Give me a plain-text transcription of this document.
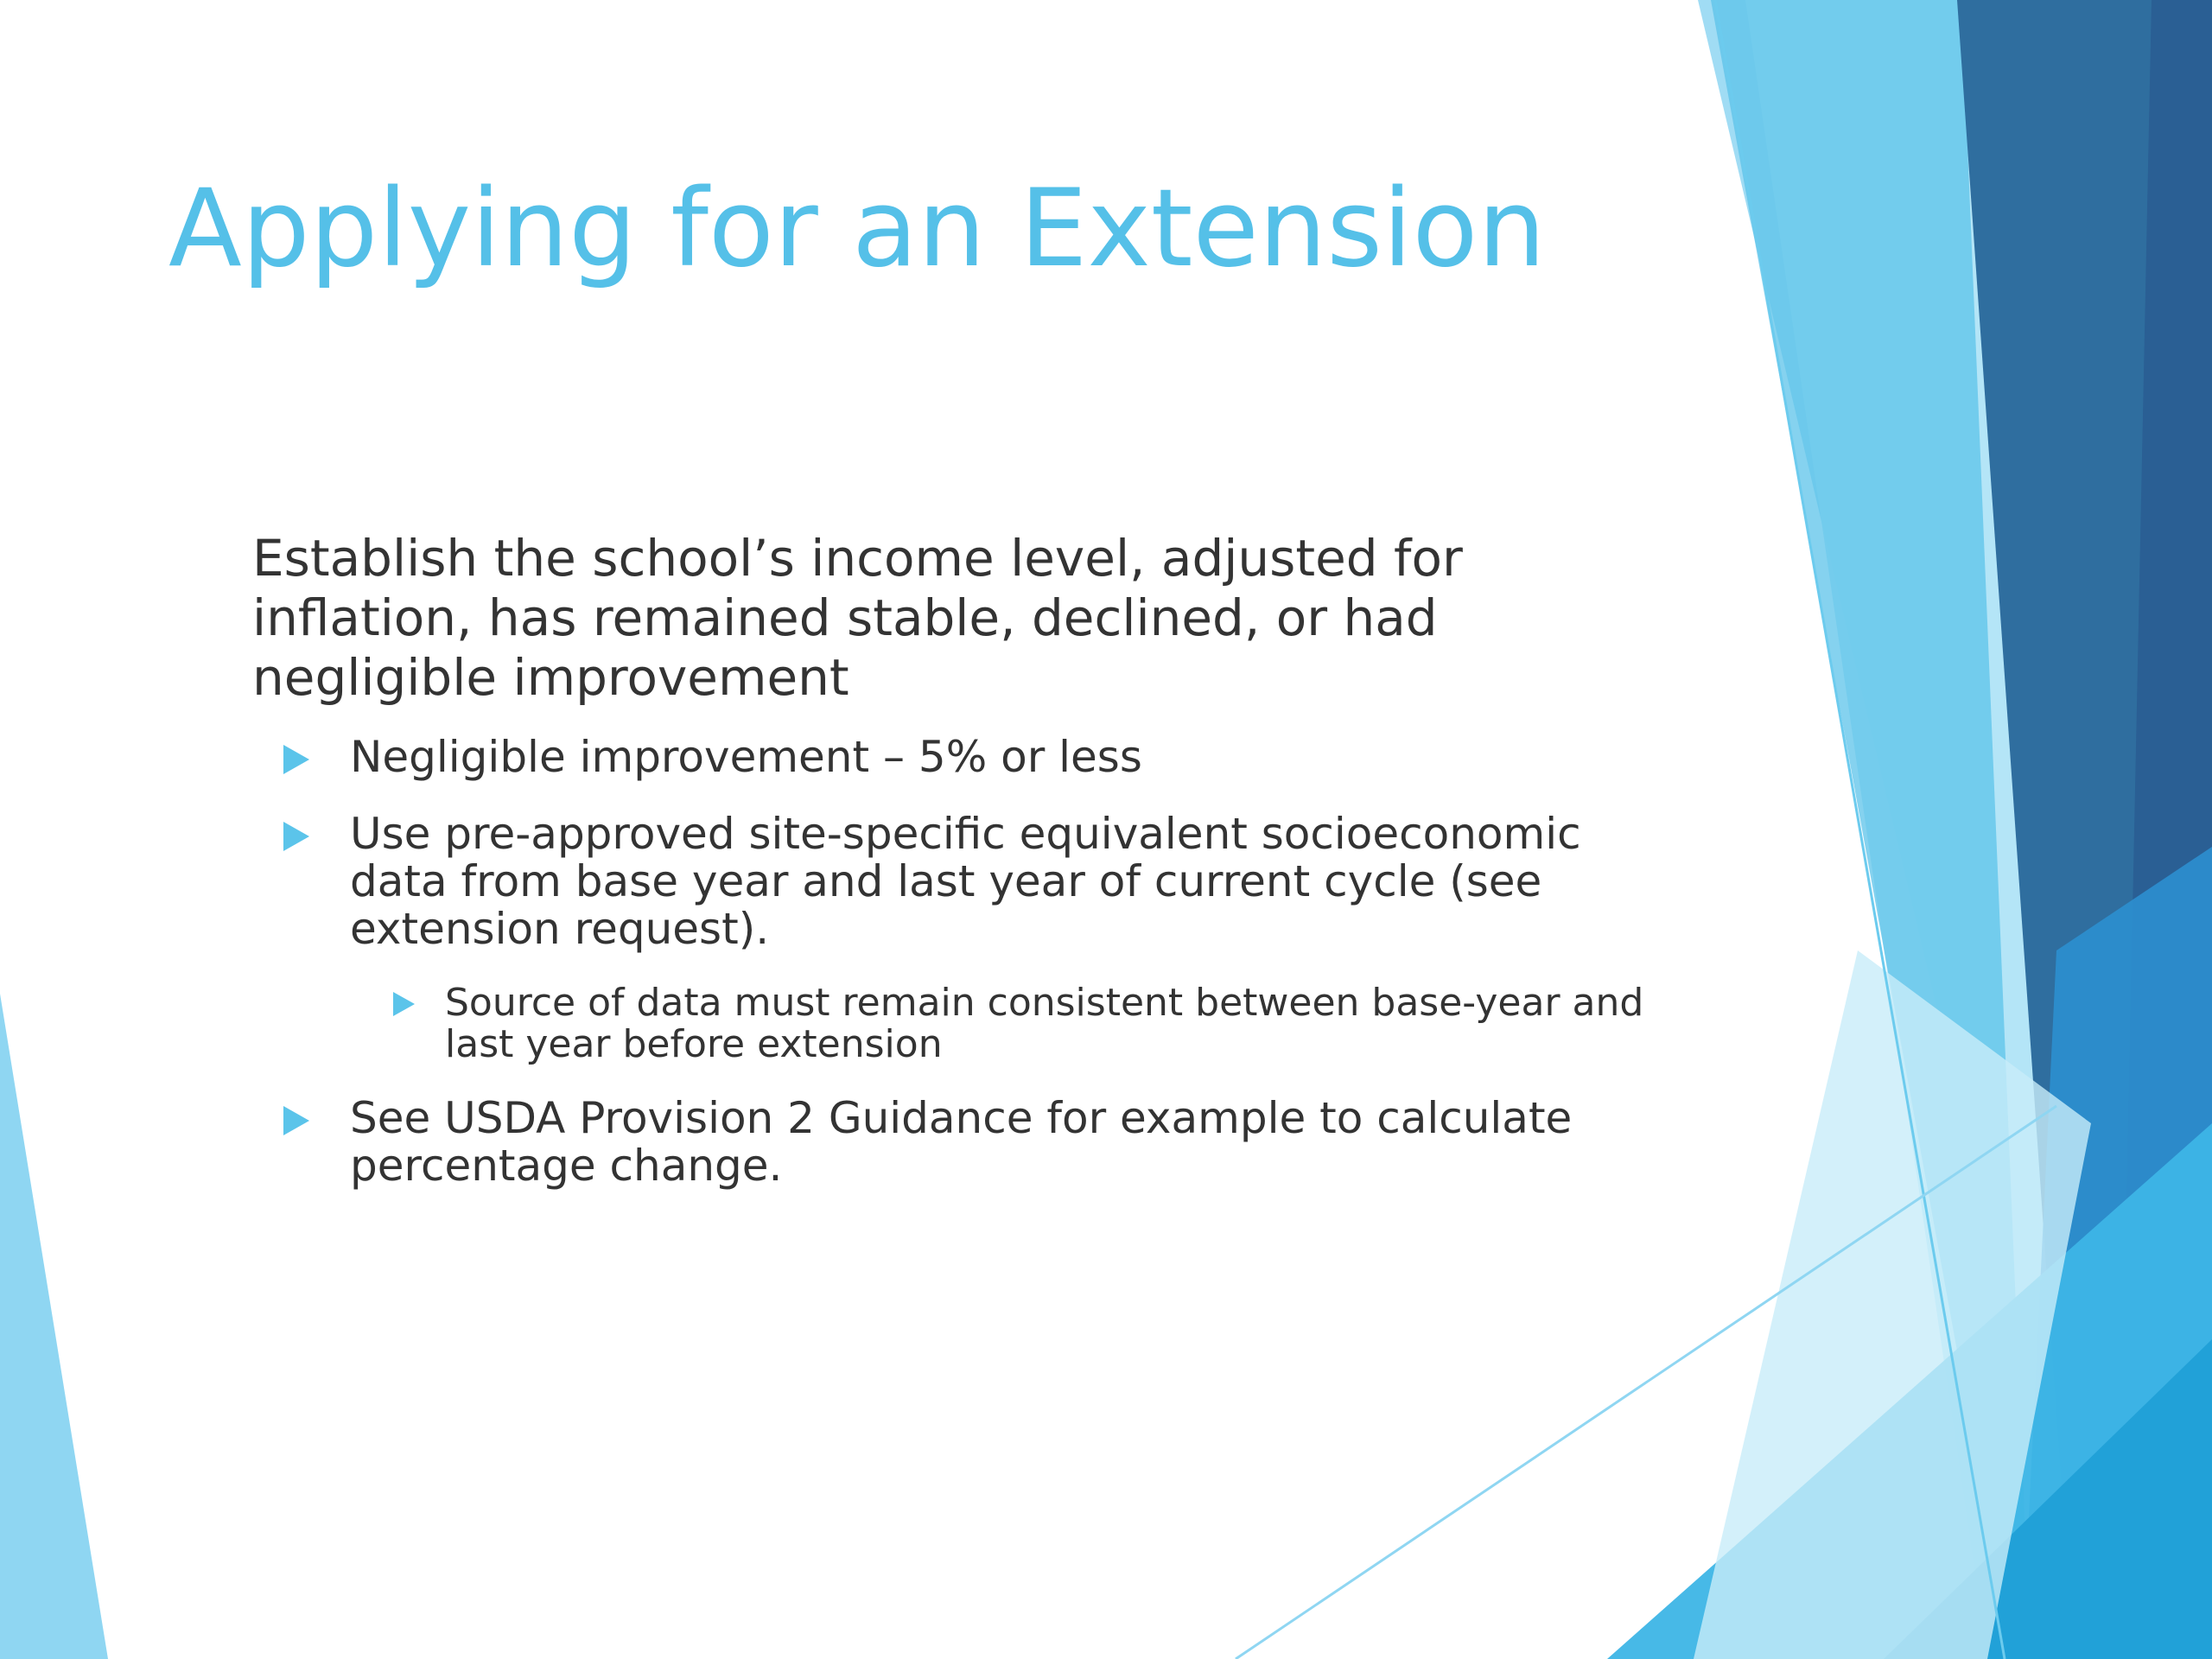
Applying for an Extension

Establish the school’s income level, adjusted for inflation, has remained stable, declined, or had negligible improvement

Negligible improvement – 5% or less

Use pre-approved site-specific equivalent socioeconomic data from base year and last year of current cycle (see extension request).

Source of data must remain consistent between base-year and last year before extension

See USDA Provision 2 Guidance for example to calculate percentage change.
